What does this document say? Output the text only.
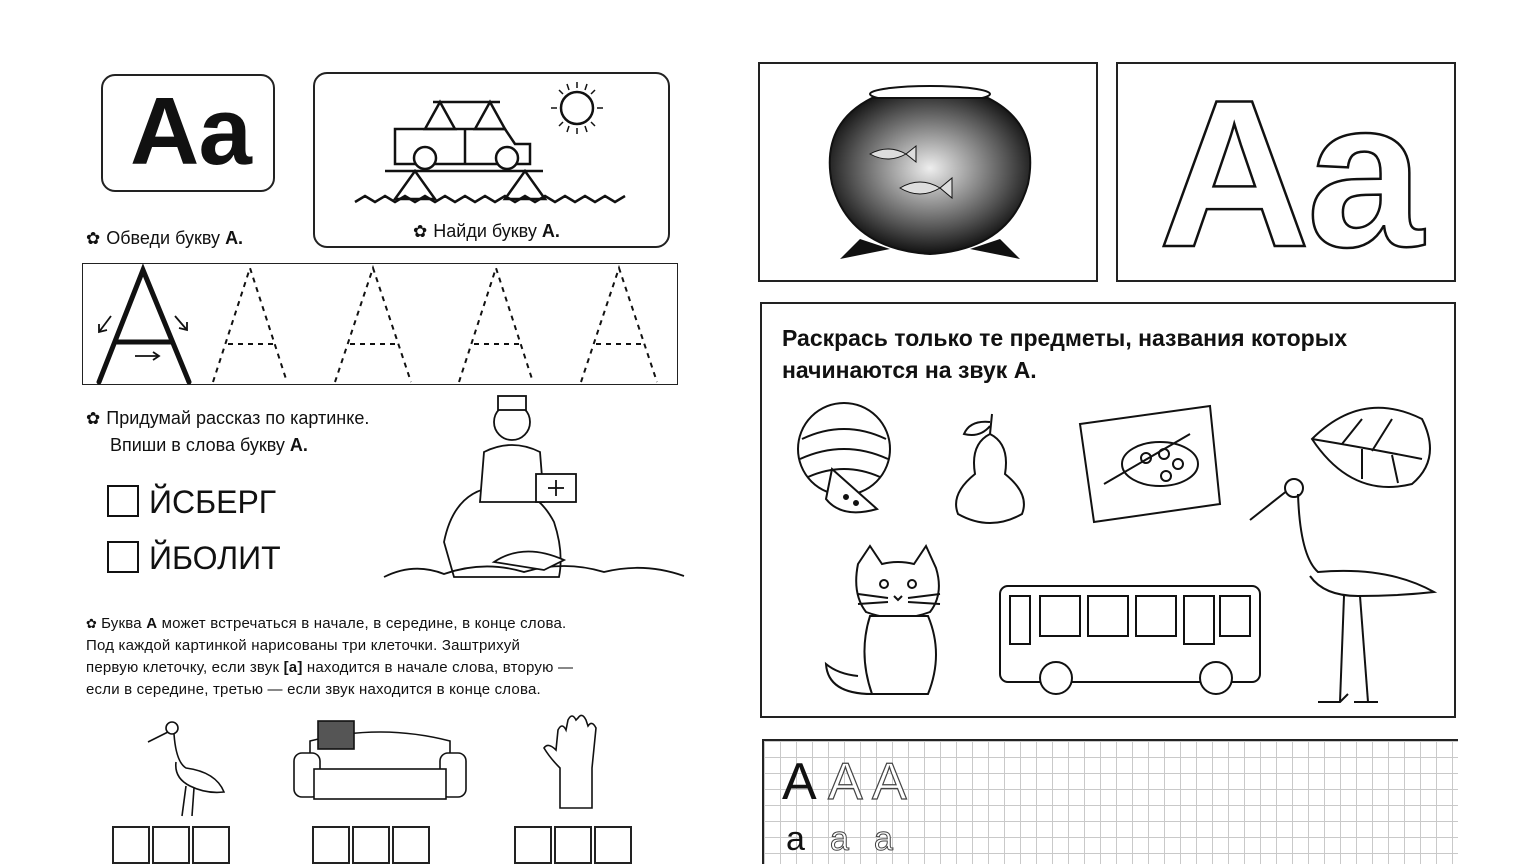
Аа
✿ Найди букву А.
✿ Обведи букву А.
✿ Придумай рассказ по картинке.
Впиши в слова букву А.
ЙСБЕРГ
ЙБОЛИТ
✿ Буква А может встречаться в начале, в середине, в конце слова.
Под каждой картинкой нарисованы три клеточки. Заштрихуй
первую клеточку, если звук [а] находится в начале слова, вторую —
если в середине, третью — если звук находится в конце слова.
Аа
Раскрась только те предметы, названия которых
начинаются на звук А.
А А А
а а а
